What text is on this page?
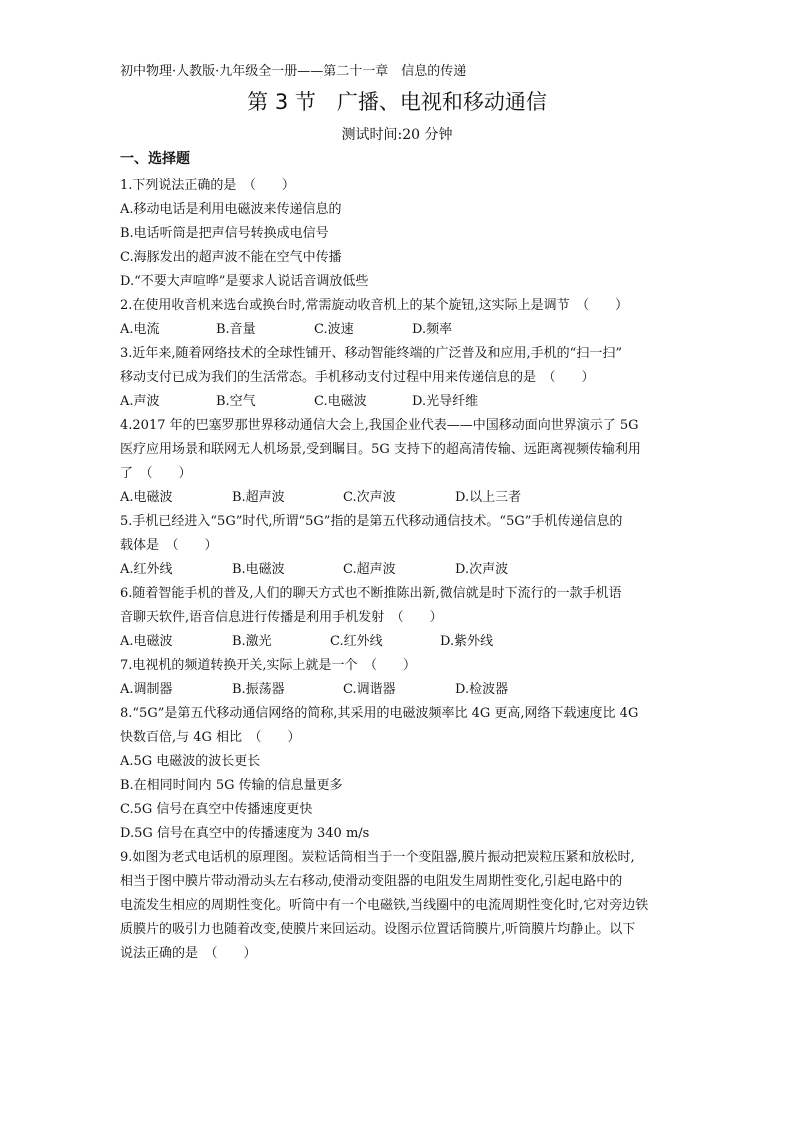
初中物理·人教版·九年级全一册——第二十一章　信息的传递
第 3 节　广播、电视和移动通信
测试时间:20 分钟
一、选择题
1.下列说法正确的是　（　　）
A.移动电话是利用电磁波来传递信息的
B.电话听筒是把声信号转换成电信号
C.海豚发出的超声波不能在空气中传播
D.“不要大声喧哗”是要求人说话音调放低些
2.在使用收音机来选台或换台时,常需旋动收音机上的某个旋钮,这实际上是调节　（　　）
A.电流	B.音量	C.波速	D.频率
3.近年来,随着网络技术的全球性铺开、移动智能终端的广泛普及和应用,手机的“扫一扫”
移动支付已成为我们的生活常态。手机移动支付过程中用来传递信息的是　（　　）
A.声波	B.空气	C.电磁波	D.光导纤维
4.2017 年的巴塞罗那世界移动通信大会上,我国企业代表——中国移动面向世界演示了 5G
医疗应用场景和联网无人机场景,受到瞩目。5G 支持下的超高清传输、远距离视频传输利用
了　（　　）
A.电磁波	B.超声波	C.次声波	D.以上三者
5.手机已经进入“5G”时代,所谓“5G”指的是第五代移动通信技术。“5G”手机传递信息的
载体是　（　　）
A.红外线	B.电磁波	C.超声波	D.次声波
6.随着智能手机的普及,人们的聊天方式也不断推陈出新,微信就是时下流行的一款手机语
音聊天软件,语音信息进行传播是利用手机发射　（　　）
A.电磁波	B.激光	C.红外线	D.紫外线
7.电视机的频道转换开关,实际上就是一个　（　　）
A.调制器	B.振荡器	C.调谐器	D.检波器
8.“5G”是第五代移动通信网络的简称,其采用的电磁波频率比 4G 更高,网络下载速度比 4G
快数百倍,与 4G 相比　（　　）
A.5G 电磁波的波长更长
B.在相同时间内 5G 传输的信息量更多
C.5G 信号在真空中传播速度更快
D.5G 信号在真空中的传播速度为 340 m/s
9.如图为老式电话机的原理图。炭粒话筒相当于一个变阻器,膜片振动把炭粒压紧和放松时,
相当于图中膜片带动滑动头左右移动,使滑动变阻器的电阻发生周期性变化,引起电路中的
电流发生相应的周期性变化。听筒中有一个电磁铁,当线圈中的电流周期性变化时,它对旁边铁
质膜片的吸引力也随着改变,使膜片来回运动。设图示位置话筒膜片,听筒膜片均静止。以下
说法正确的是　（　　）
